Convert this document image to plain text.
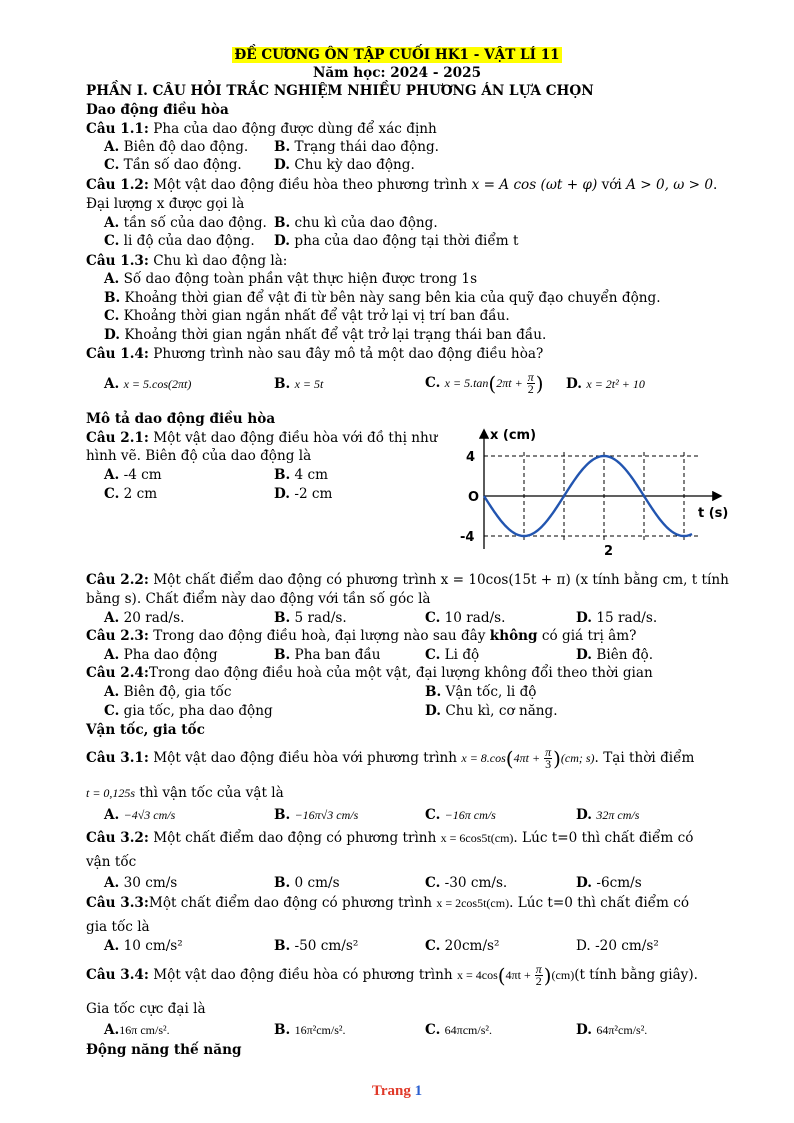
ĐỀ CƯƠNG ÔN TẬP CUỐI HK1 - VẬT LÍ 11
Năm học: 2024 - 2025
PHẦN I. CÂU HỎI TRẮC NGHIỆM NHIỀU PHƯƠNG ÁN LỰA CHỌN
Dao động điều hòa
Câu 1.1: Pha của dao động được dùng để xác định
A. Biên độ dao động. B. Trạng thái dao động.
C. Tần số dao động. D. Chu kỳ dao động.
Câu 1.2: Một vật dao động điều hòa theo phương trình x = A cos (ωt + φ) với A > 0, ω > 0.
Đại lượng x được gọi là
A. tần số của dao động. B. chu kì của dao động.
C. li độ của dao động. D. pha của dao động tại thời điểm t
Câu 1.3: Chu kì dao động là:
A. Số dao động toàn phần vật thực hiện được trong 1s
B. Khoảng thời gian để vật đi từ bên này sang bên kia của quỹ đạo chuyển động.
C. Khoảng thời gian ngắn nhất để vật trở lại vị trí ban đầu.
D. Khoảng thời gian ngắn nhất để vật trở lại trạng thái ban đầu.
Câu 1.4: Phương trình nào sau đây mô tả một dao động điều hòa?
A. x = 5.cos(2πt)	B. x = 5t	C. $x = 5.\tan(2\pi t + \frac{\pi}{2}$ ) D. x = 2t² + 10
Mô tả dao động điều hòa
Câu 2.1: Một vật dao động điều hòa với đồ thị như
hình vẽ. Biên độ của dao động là
A. -4 cm	B. 4 cm
C. 2 cm	D. -2 cm
x (cm)
t (s)
O
4
-4
2
Câu 2.2: Một chất điểm dao động có phương trình x = 10cos(15t + π) (x tính bằng cm, t tính
bằng s). Chất điểm này dao động với tần số góc là
A. 20 rad/s.	B. 5 rad/s.	C. 10 rad/s.	D. 15 rad/s.
Câu 2.3: Trong dao động điều hoà, đại lượng nào sau đây không có giá trị âm?
A. Pha dao động	B. Pha ban đầu	C. Li độ	D. Biên độ.
Câu 2.4:Trong dao động điều hoà của một vật, đại lượng không đổi theo thời gian
A. Biên độ, gia tốc	B. Vận tốc, li độ
C. gia tốc, pha dao động	D. Chu kì, cơ năng.
Vận tốc, gia tốc
Câu 3.1: Một vật dao động điều hòa với phương trình $x = 8.\cos(4\pi t + \frac{\pi}{3} )(cm$; s). Tại thời điểm
t = 0,125s thì vận tốc của vật là
A. −4√3 cm/s	B. −16π√3 cm/s	C. −16π cm/s	D. 32π cm/s
Câu 3.2: Một chất điểm dao động có phương trình x = 6cos5t(cm). Lúc t=0 thì chất điểm có
vận tốc
A. 30 cm/s	B. 0 cm/s	C. -30 cm/s.	D. -6cm/s
Câu 3.3:Một chất điểm dao động có phương trình x = 2cos5t(cm). Lúc t=0 thì chất điểm có
gia tốc là
A. 10 cm/s²	B. -50 cm/s²	C. 20cm/s²	D. -20 cm/s²
Câu 3.4: Một vật dao động điều hòa có phương trình $x = 4\cos(4\pi t + \frac{\pi}{2} )(cm)(t$ tính bằng giây).
Gia tốc cực đại là
A.16π cm/s².	B. 16π²cm/s².	C. 64πcm/s².	D. 64π²cm/s².
Động năng thế năng
Trang 1
